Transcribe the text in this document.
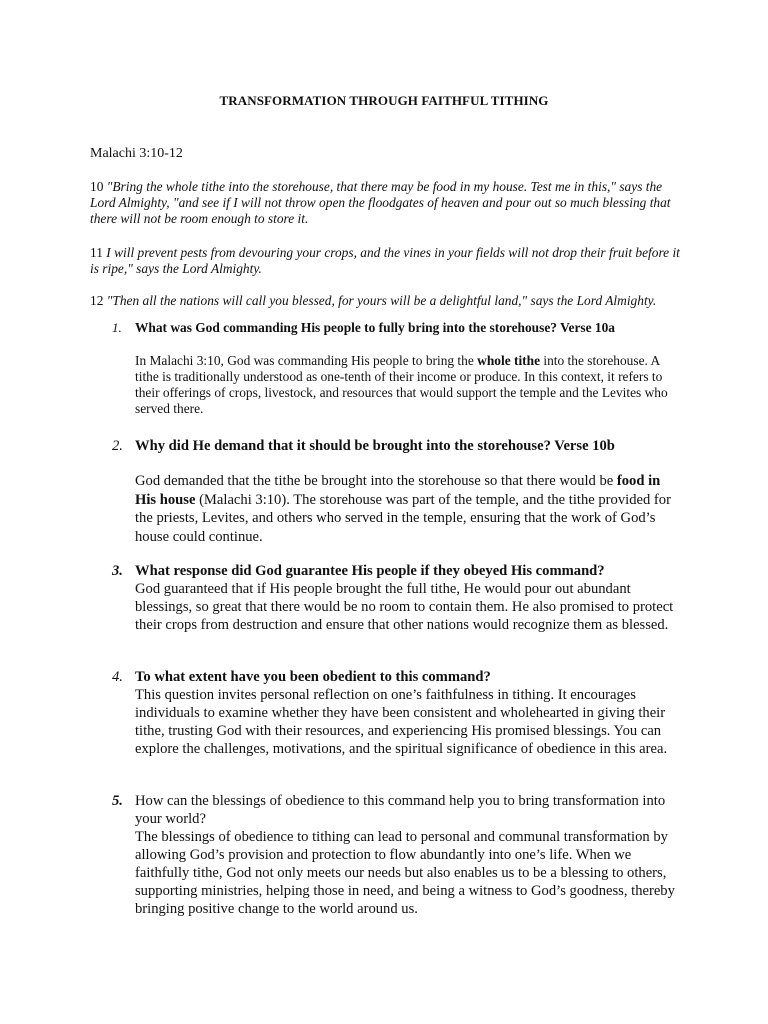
TRANSFORMATION THROUGH FAITHFUL TITHING
Malachi 3:10-12
10 "Bring the whole tithe into the storehouse, that there may be food in my house. Test me in this," says the Lord Almighty, "and see if I will not throw open the floodgates of heaven and pour out so much blessing that there will not be room enough to store it.
11 I will prevent pests from devouring your crops, and the vines in your fields will not drop their fruit before it is ripe," says the Lord Almighty.
12 "Then all the nations will call you blessed, for yours will be a delightful land," says the Lord Almighty.
1. What was God commanding His people to fully bring into the storehouse? Verse 10a
In Malachi 3:10, God was commanding His people to bring the whole tithe into the storehouse. A tithe is traditionally understood as one-tenth of their income or produce. In this context, it refers to their offerings of crops, livestock, and resources that would support the temple and the Levites who served there.
2. Why did He demand that it should be brought into the storehouse? Verse 10b
God demanded that the tithe be brought into the storehouse so that there would be food in His house (Malachi 3:10). The storehouse was part of the temple, and the tithe provided for the priests, Levites, and others who served in the temple, ensuring that the work of God’s house could continue.
3. What response did God guarantee His people if they obeyed His command?
God guaranteed that if His people brought the full tithe, He would pour out abundant blessings, so great that there would be no room to contain them. He also promised to protect their crops from destruction and ensure that other nations would recognize them as blessed.
4. To what extent have you been obedient to this command?
This question invites personal reflection on one’s faithfulness in tithing. It encourages individuals to examine whether they have been consistent and wholehearted in giving their tithe, trusting God with their resources, and experiencing His promised blessings. You can explore the challenges, motivations, and the spiritual significance of obedience in this area.
5. How can the blessings of obedience to this command help you to bring transformation into your world?
The blessings of obedience to tithing can lead to personal and communal transformation by allowing God’s provision and protection to flow abundantly into one’s life. When we faithfully tithe, God not only meets our needs but also enables us to be a blessing to others, supporting ministries, helping those in need, and being a witness to God’s goodness, thereby bringing positive change to the world around us.
